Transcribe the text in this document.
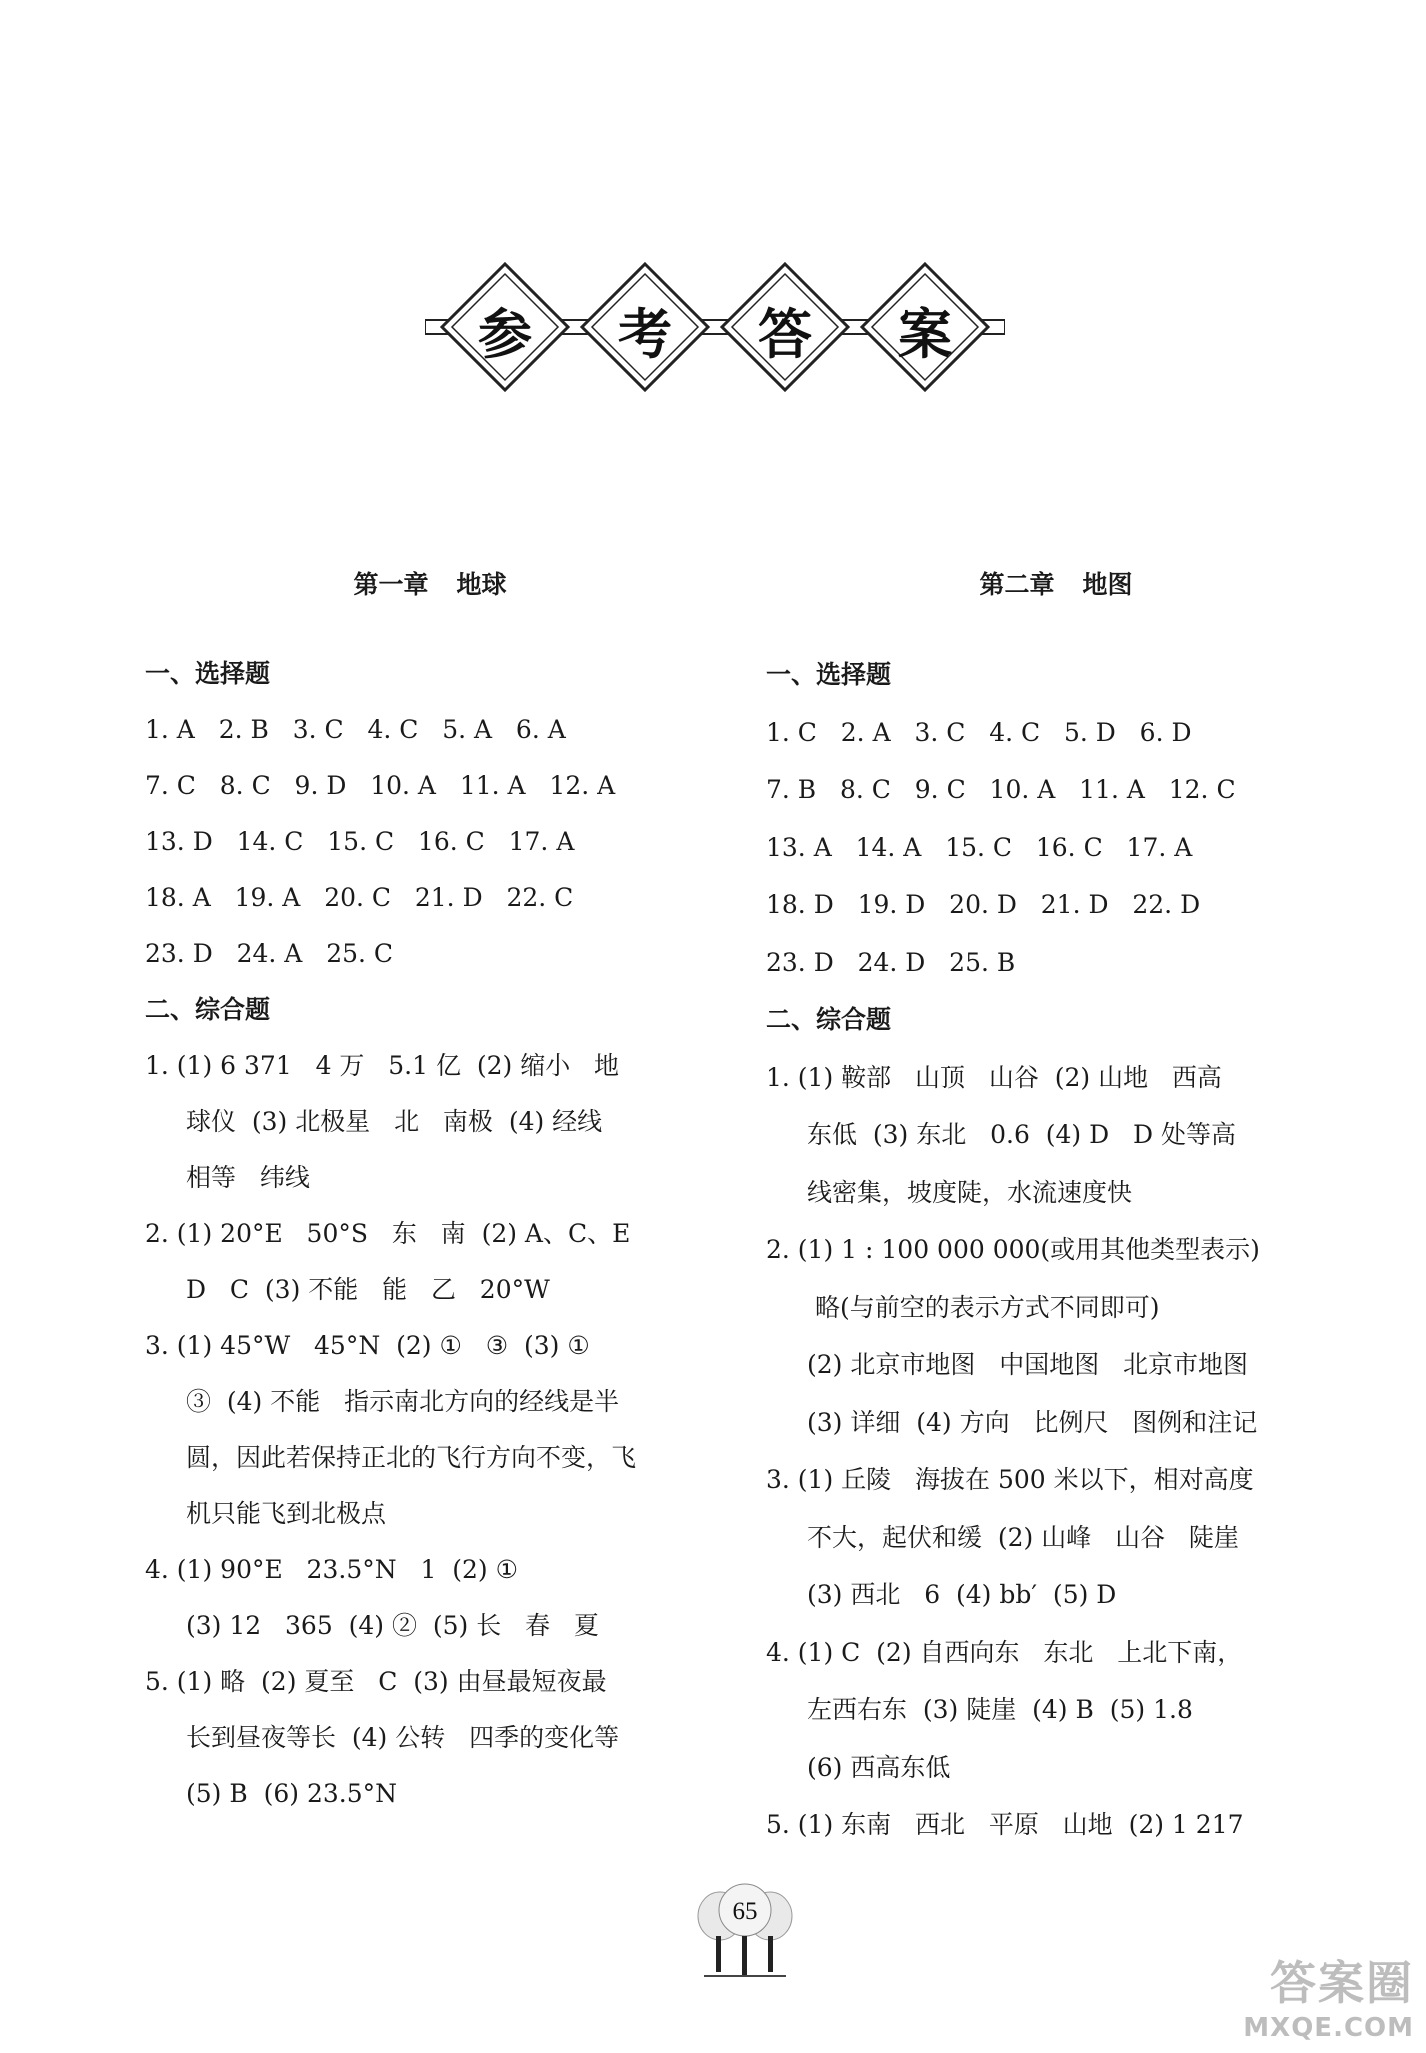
参 考 答 案
第一章 地球
一、选择题
1. A   2. B   3. C   4. C   5. A   6. A
7. C   8. C   9. D   10. A   11. A   12. A
13. D   14. C   15. C   16. C   17. A
18. A   19. A   20. C   21. D   22. C
23. D   24. A   25. C
二、综合题
1. (1) 6 371   4 万   5.1 亿  (2) 缩小   地
球仪  (3) 北极星   北   南极  (4) 经线
相等   纬线
2. (1) 20°E   50°S   东   南  (2) A、C、E
D   C  (3) 不能   能   乙   20°W
3. (1) 45°W   45°N  (2) ①   ③  (3) ①
③  (4) 不能   指示南北方向的经线是半
圆，因此若保持正北的飞行方向不变，飞
机只能飞到北极点
4. (1) 90°E   23.5°N   1  (2) ①
(3) 12   365  (4) ②  (5) 长   春   夏
5. (1) 略  (2) 夏至   C  (3) 由昼最短夜最
长到昼夜等长  (4) 公转   四季的变化等
(5) B  (6) 23.5°N
第二章 地图
一、选择题
1. C   2. A   3. C   4. C   5. D   6. D
7. B   8. C   9. C   10. A   11. A   12. C
13. A   14. A   15. C   16. C   17. A
18. D   19. D   20. D   21. D   22. D
23. D   24. D   25. B
二、综合题
1. (1) 鞍部   山顶   山谷  (2) 山地   西高
东低  (3) 东北   0.6  (4) D   D 处等高
线密集，坡度陡，水流速度快
2. (1) 1 : 100 000 000(或用其他类型表示)
略(与前空的表示方式不同即可)
(2) 北京市地图   中国地图   北京市地图
(3) 详细  (4) 方向   比例尺   图例和注记
3. (1) 丘陵   海拔在 500 米以下，相对高度
不大，起伏和缓  (2) 山峰   山谷   陡崖
(3) 西北   6  (4) bb′  (5) D
4. (1) C  (2) 自西向东   东北   上北下南，
左西右东  (3) 陡崖  (4) B  (5) 1.8
(6) 西高东低
5. (1) 东南   西北   平原   山地  (2) 1 217
65
答案圈
MXQE.COM
